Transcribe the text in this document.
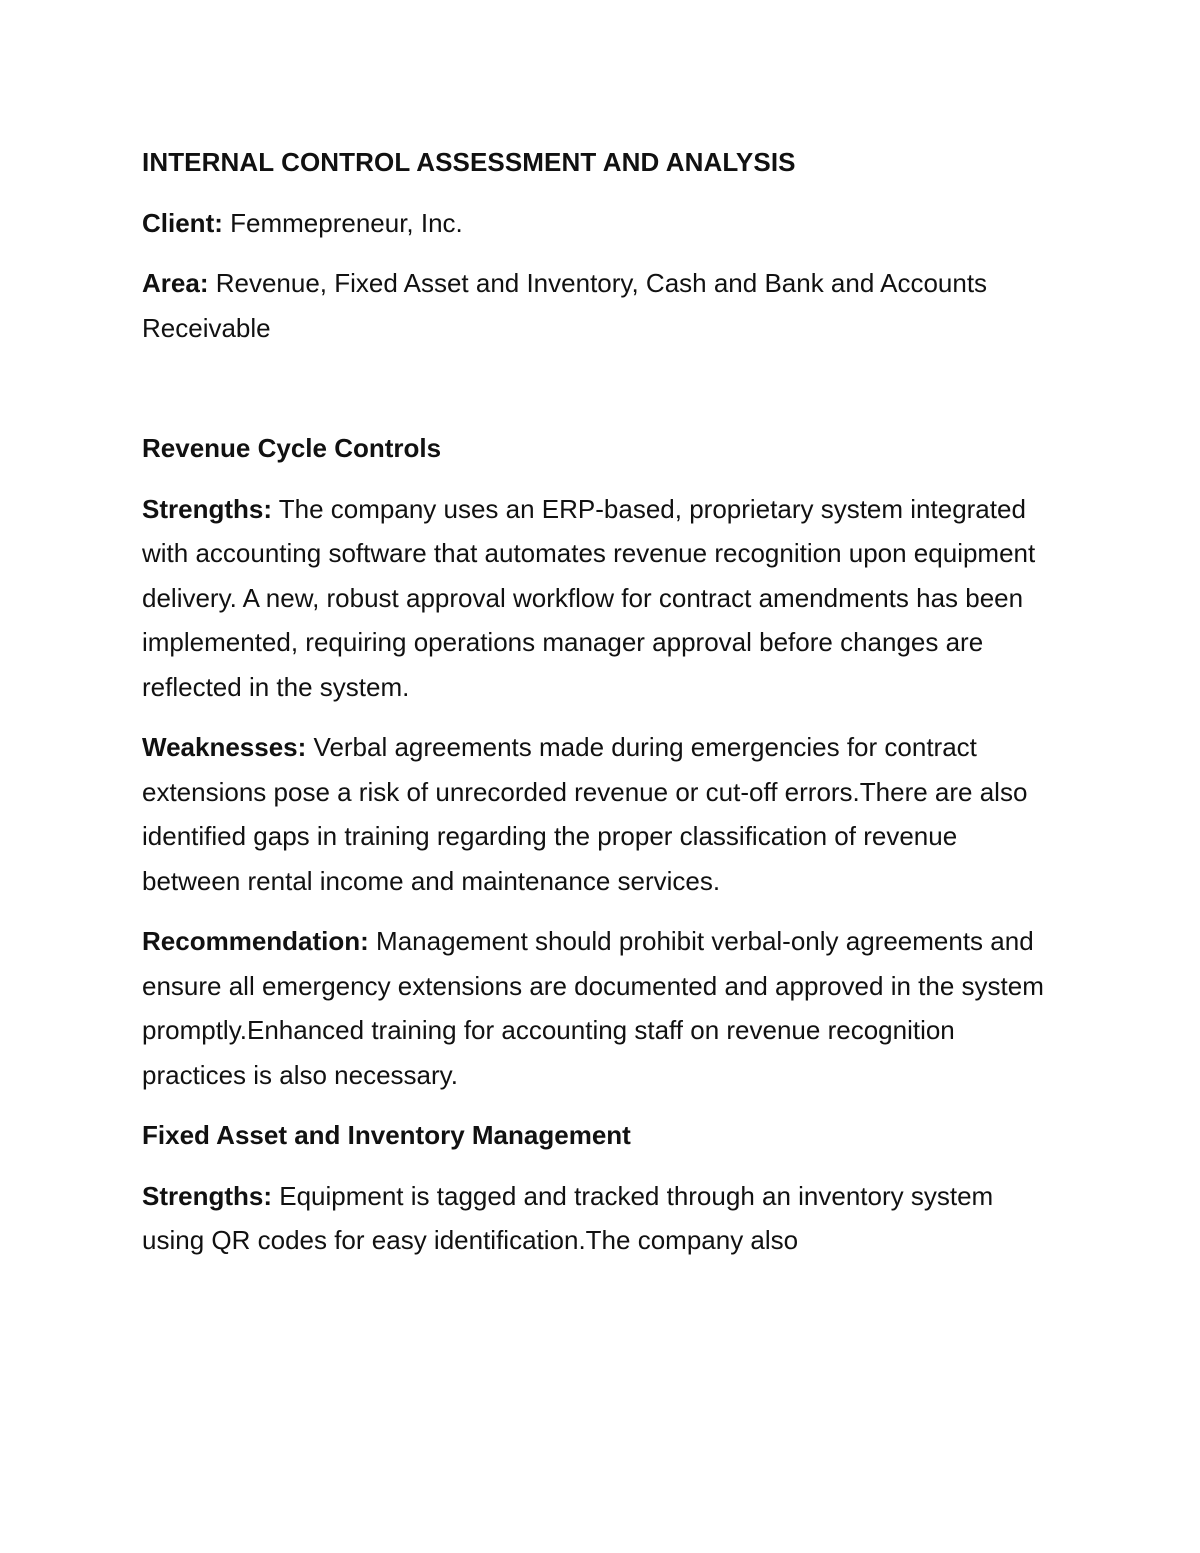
INTERNAL CONTROL ASSESSMENT AND ANALYSIS
Client: Femmepreneur, Inc.
Area: Revenue, Fixed Asset and Inventory, Cash and Bank and Accounts Receivable
Revenue Cycle Controls
Strengths: The company uses an ERP-based, proprietary system integrated with accounting software that automates revenue recognition upon equipment delivery. A new, robust approval workflow for contract amendments has been implemented, requiring operations manager approval before changes are reflected in the system.
Weaknesses: Verbal agreements made during emergencies for contract extensions pose a risk of unrecorded revenue or cut-off errors.There are also identified gaps in training regarding the proper classification of revenue between rental income and maintenance services.
Recommendation: Management should prohibit verbal-only agreements and ensure all emergency extensions are documented and approved in the system promptly.Enhanced training for accounting staff on revenue recognition practices is also necessary.
Fixed Asset and Inventory Management
Strengths: Equipment is tagged and tracked through an inventory system using QR codes for easy identification.The company also
